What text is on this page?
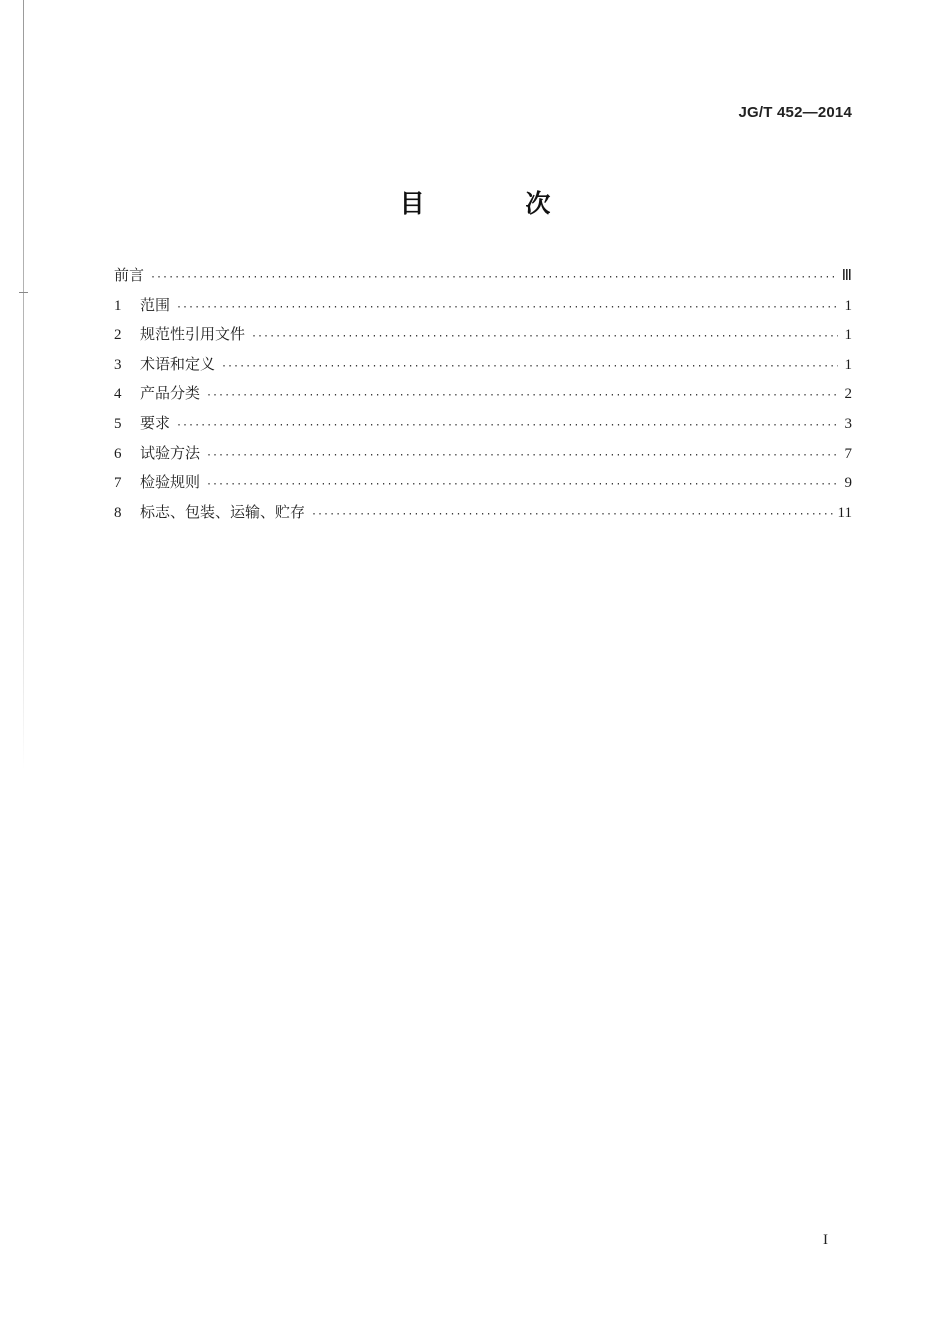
JG/T 452—2014
目 次
前言 ·····	Ⅲ
1	范围 ·····	1
2	规范性引用文件 ·····	1
3	术语和定义 ·····	1
4	产品分类 ·····	2
5	要求 ·····	3
6	试验方法 ·····	7
7	检验规则 ·····	9
8	标志、包装、运输、贮存 ·····	11
I
